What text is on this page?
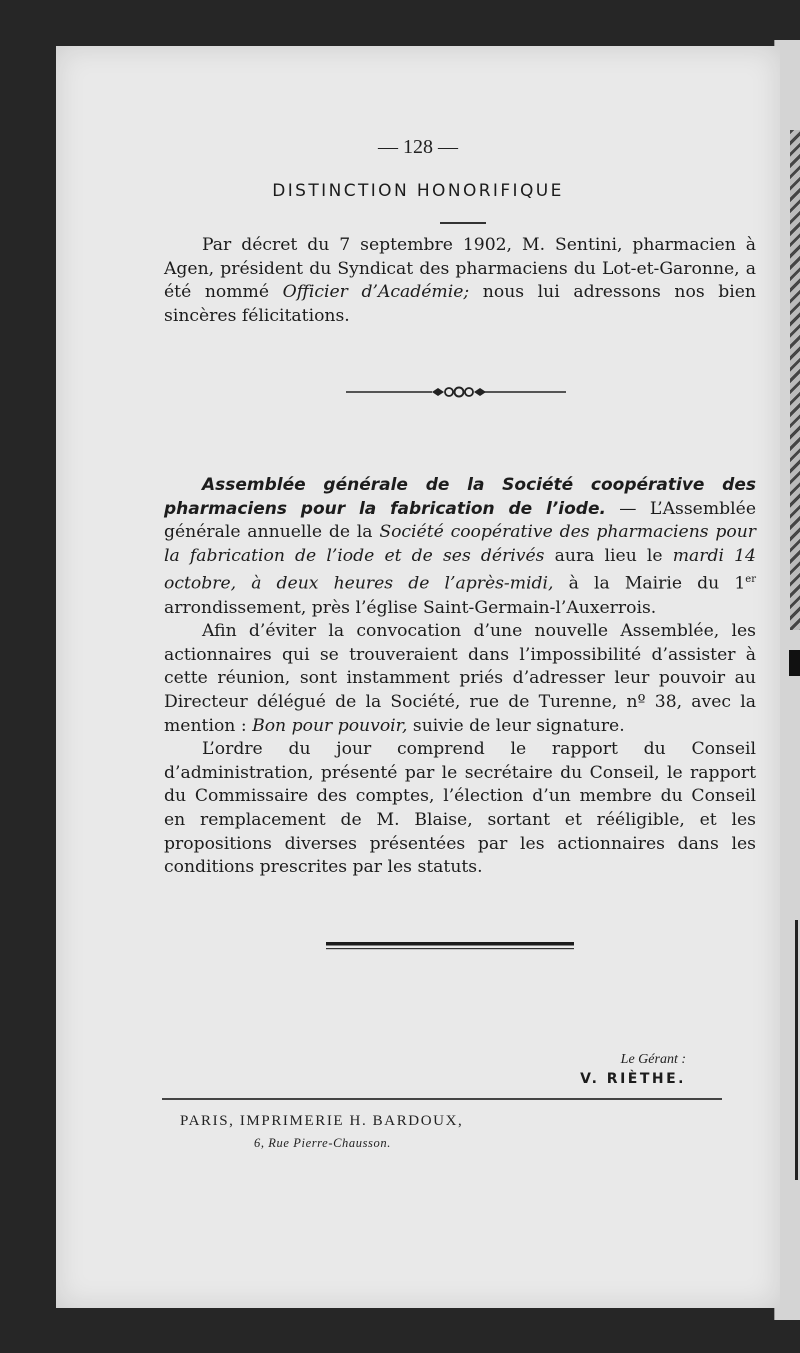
— 128 —
DISTINCTION HONORIFIQUE
Par décret du 7 septembre 1902, M. Sentini, pharmacien à Agen, président du Syndicat des pharmaciens du Lot-et-Garonne, a été nommé Officier d’Académie; nous lui adressons nos bien sincères félicitations.
Assemblée générale de la Société coopérative des pharmaciens pour la fabrication de l’iode. — L’Assemblée générale annuelle de la Société coopérative des pharmaciens pour la fabrication de l’iode et de ses dérivés aura lieu le mardi 14 octobre, à deux heures de l’après-midi, à la Mairie du 1er arrondissement, près l’église Saint-Germain-l’Auxerrois.
Afin d’éviter la convocation d’une nouvelle Assemblée, les actionnaires qui se trouveraient dans l’impossibilité d’assister à cette réunion, sont instamment priés d’adresser leur pouvoir au Directeur délégué de la Société, rue de Turenne, nº 38, avec la mention : Bon pour pouvoir, suivie de leur signature.
L’ordre du jour comprend le rapport du Conseil d’administration, présenté par le secrétaire du Conseil, le rapport du Commissaire des comptes, l’élection d’un membre du Conseil en remplacement de M. Blaise, sortant et rééligible, et les propositions diverses présentées par les actionnaires dans les conditions prescrites par les statuts.
Le Gérant :
V. RIÈTHE.
PARIS, IMPRIMERIE H. BARDOUX,
6, Rue Pierre-Chausson.
